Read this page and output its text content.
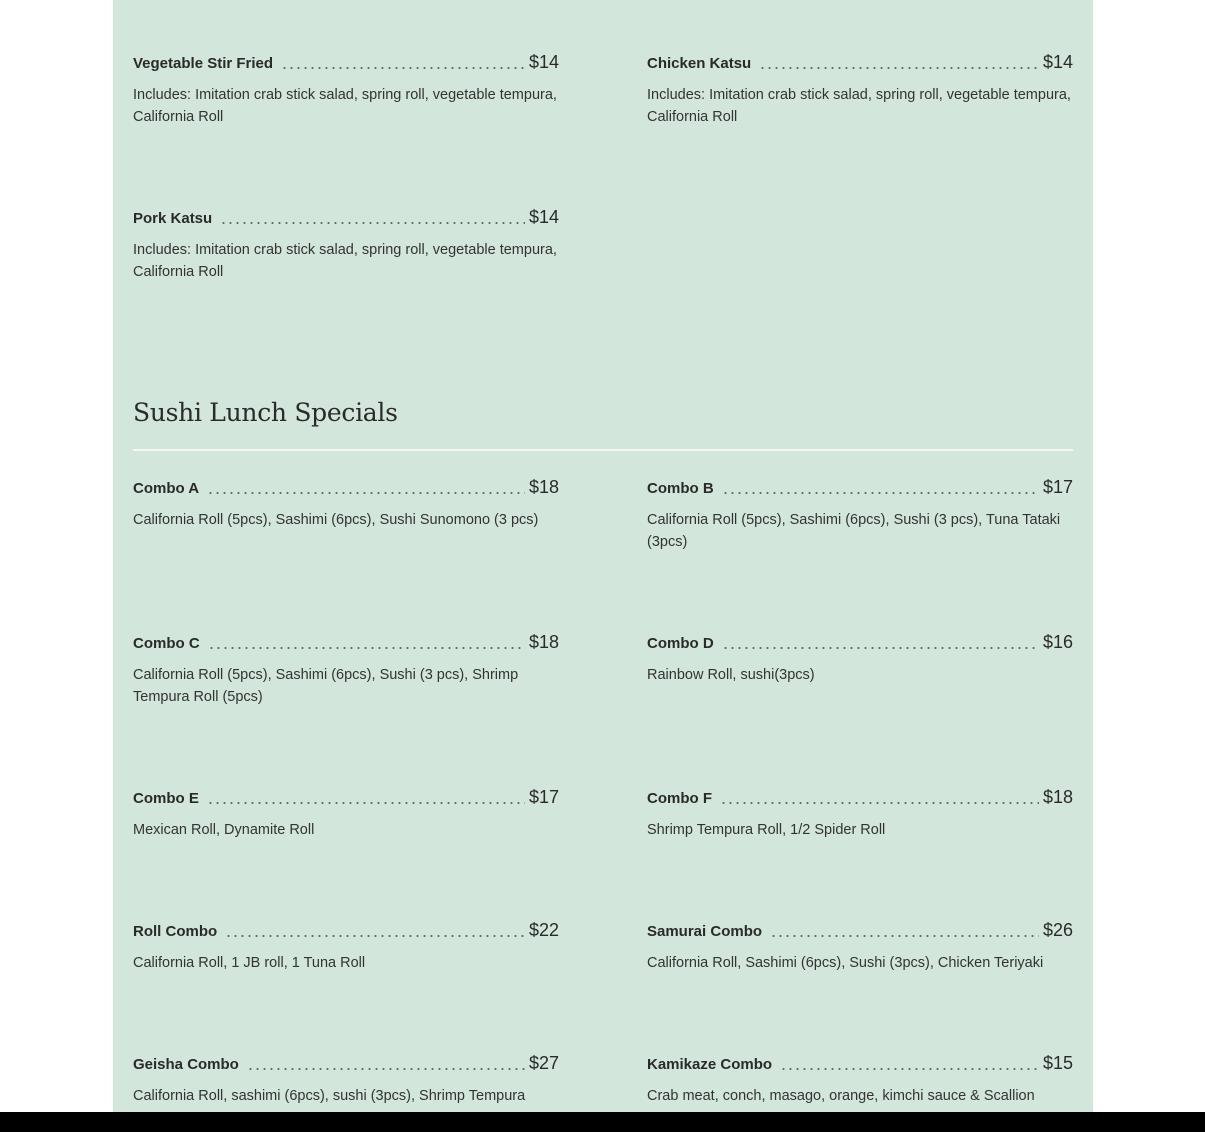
Vegetable Stir Fried	$14
Includes: Imitation crab stick salad, spring roll, vegetable tempura, California Roll
Chicken Katsu	$14
Includes: Imitation crab stick salad, spring roll, vegetable tempura, California Roll
Pork Katsu	$14
Includes: Imitation crab stick salad, spring roll, vegetable tempura, California Roll
Sushi Lunch Specials
Combo A	$18
California Roll (5pcs), Sashimi (6pcs), Sushi Sunomono (3 pcs)
Combo B	$17
California Roll (5pcs), Sashimi (6pcs), Sushi (3 pcs), Tuna Tataki (3pcs)
Combo C	$18
California Roll (5pcs), Sashimi (6pcs), Sushi (3 pcs), Shrimp Tempura Roll (5pcs)
Combo D	$16
Rainbow Roll, sushi(3pcs)
Combo E	$17
Mexican Roll, Dynamite Roll
Combo F	$18
Shrimp Tempura Roll, 1/2 Spider Roll
Roll Combo	$22
California Roll, 1 JB roll, 1 Tuna Roll
Samurai Combo	$26
California Roll, Sashimi (6pcs), Sushi (3pcs), Chicken Teriyaki
Geisha Combo	$27
California Roll, sashimi (6pcs), sushi (3pcs), Shrimp Tempura
Kamikaze Combo	$15
Crab meat, conch, masago, orange, kimchi sauce & Scallion
